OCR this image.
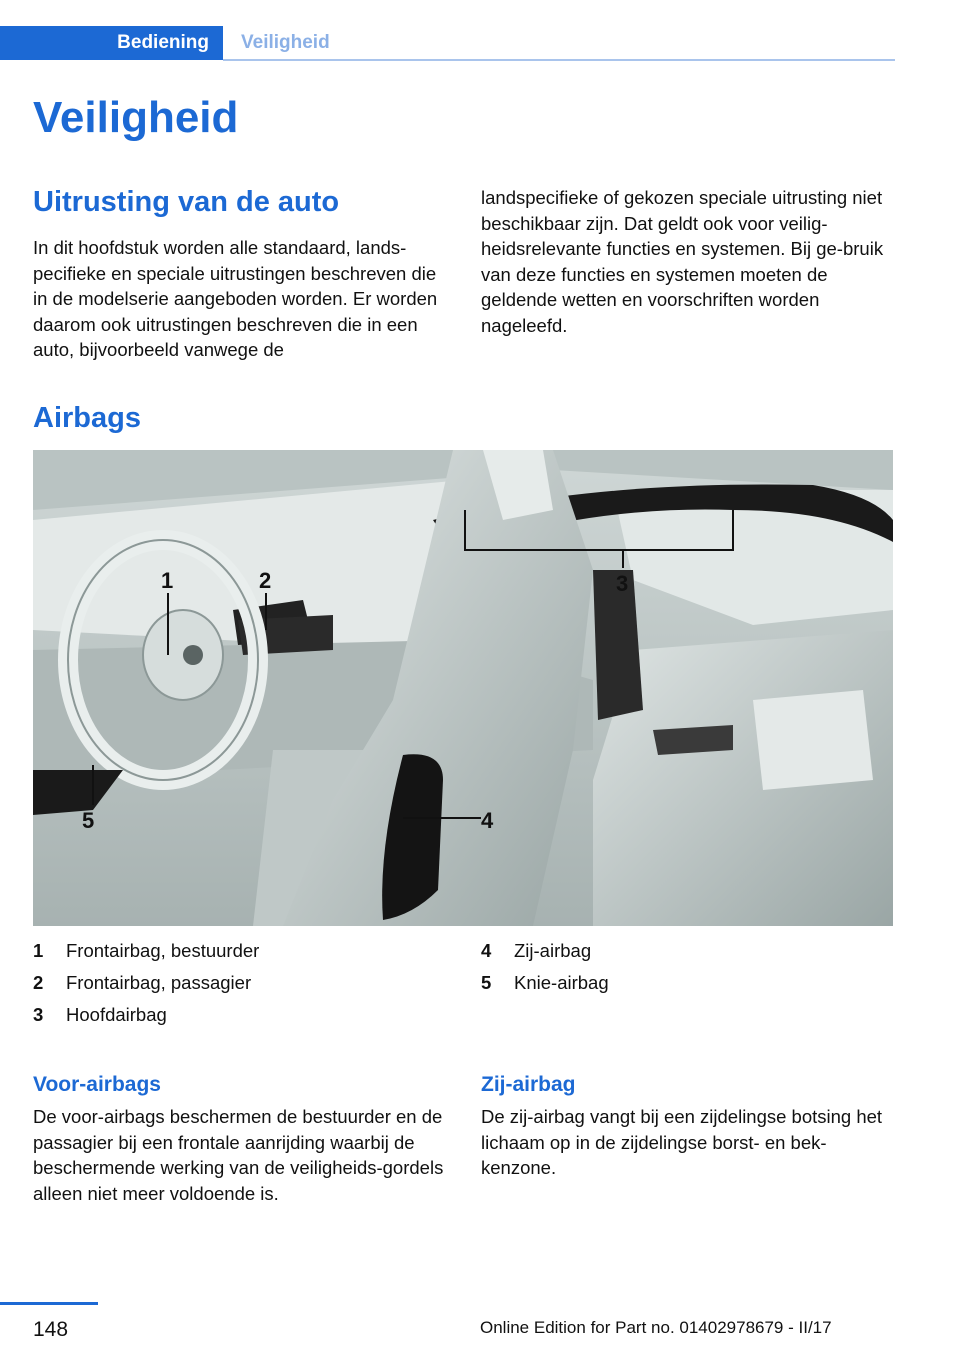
Bediening	Veiligheid
Veiligheid
Uitrusting van de auto

In dit hoofdstuk worden alle standaard, lands-pecifieke en speciale uitrustingen beschreven die in de modelserie aangeboden worden. Er worden daarom ook uitrustingen beschreven die in een auto, bijvoorbeeld vanwege de

landspecifieke of gekozen speciale uitrusting niet beschikbaar zijn. Dat geldt ook voor veilig-heidsrelevante functies en systemen. Bij ge-bruik van deze functies en systemen moeten de geldende wetten en voorschriften worden nageleefd.

Airbags
1	2	3
4
5
1 Frontairbag, bestuurder
2 Frontairbag, passagier
3 Hoofdairbag
4 Zij-airbag
5 Knie-airbag
Voor-airbags

De voor-airbags beschermen de bestuurder en de passagier bij een frontale aanrijding waarbij de beschermende werking van de veiligheids-gordels alleen niet meer voldoende is.

Zij-airbag

De zij-airbag vangt bij een zijdelingse botsing het lichaam op in de zijdelingse borst- en bek-kenzone.

148	Online Edition for Part no. 01402978679 - II/17
